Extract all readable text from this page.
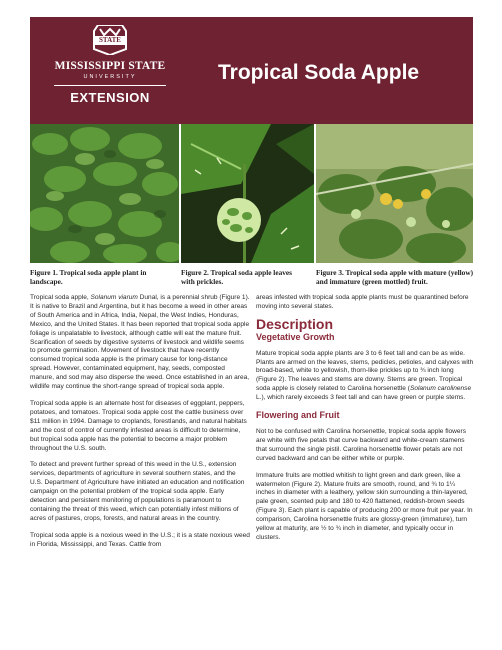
STATE
MISSISSIPPI STATE
UNIVERSITY
EXTENSION
Tropical Soda Apple
Figure 1. Tropical soda apple plant in landscape.
Figure 2. Tropical soda apple leaves with prickles.
Figure 3. Tropical soda apple with mature (yellow) and immature (green mottled) fruit.

Tropical soda apple, Solanum viarum Dunal, is a perennial shrub (Figure 1). It is native to Brazil and Argentina, but it has become a weed in other areas of South America and in Africa, India, Nepal, the West Indies, Honduras, Mexico, and the United States. It has been reported that tropical soda apple foliage is unpalatable to livestock, although cattle will eat the mature fruit. Scarification of seeds by digestive systems of livestock and wildlife seems to promote germination. Movement of livestock that have recently consumed tropical soda apple is the primary cause for long-distance spread. However, contaminated equipment, hay, seeds, composted manure, and sod may also disperse the weed. Once established in an area, wildlife may continue the short-range spread of tropical soda apple.

Tropical soda apple is an alternate host for diseases of eggplant, peppers, potatoes, and tomatoes. Tropical soda apple cost the cattle business over $11 million in 1994. Damage to croplands, forestlands, and natural habitats and the cost of control of currently infested areas is difficult to determine, but tropical soda apple has the potential to become a major problem throughout the U.S. south.

To detect and prevent further spread of this weed in the U.S., extension services, departments of agriculture in several southern states, and the U.S. Department of Agriculture have initiated an education and notification campaign on the potential problem of the tropical soda apple. Early detection and persistent monitoring of populations is paramount to containing the threat of this weed, which can potentially infest millions of acres of pastures, crops, forests, and natural areas in the country.

Tropical soda apple is a noxious weed in the U.S.; it is a state noxious weed in Florida, Mississippi, and Texas. Cattle from

areas infested with tropical soda apple plants must be quarantined before moving into several states.

Description
Vegetative Growth

Mature tropical soda apple plants are 3 to 6 feet tall and can be as wide. Plants are armed on the leaves, stems, pedicles, petioles, and calyxes with broad-based, white to yellowish, thorn-like prickles up to ¾ inch long (Figure 2). The leaves and stems are downy. Stems are green. Tropical soda apple is closely related to Carolina horsenettle (Solanum carolinense L.), which rarely exceeds 3 feet tall and can have green or purple stems.

Flowering and Fruit

Not to be confused with Carolina horsenettle, tropical soda apple flowers are white with five petals that curve backward and white-cream stamens that surround the single pistil. Carolina horsenettle flower petals are not curved backward and can be either white or purple.

Immature fruits are mottled whitish to light green and dark green, like a watermelon (Figure 2). Mature fruits are smooth, round, and ¾ to 1¼ inches in diameter with a leathery, yellow skin surrounding a thin-layered, pale green, scented pulp and 180 to 420 flattened, reddish-brown seeds (Figure 3). Each plant is capable of producing 200 or more fruit per year. In comparison, Carolina horsenettle fruits are glossy-green (immature), turn yellow at maturity, are ½ to ¾ inch in diameter, and typically occur in clusters.
